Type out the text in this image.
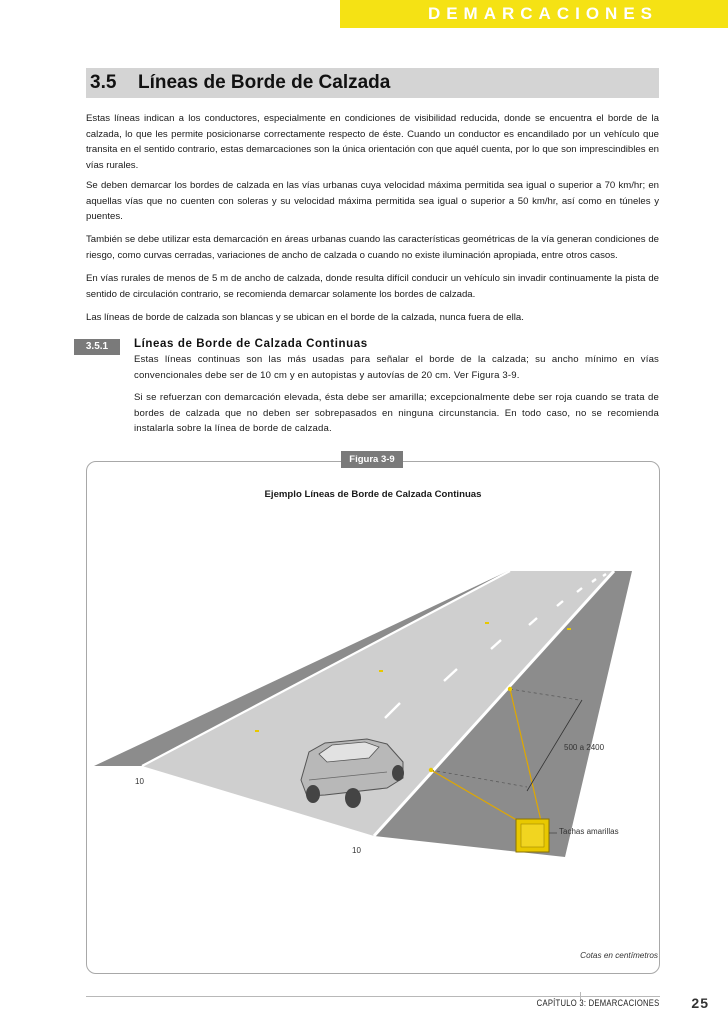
DEMARCACIONES
3.5 Líneas de Borde de Calzada

Estas líneas indican a los conductores, especialmente en condiciones de visibilidad reducida, donde se encuentra el borde de la calzada, lo que les permite posicionarse correctamente respecto de éste. Cuando un conductor es encandilado por un vehículo que transita en el sentido contrario, estas demarcaciones son la única orientación con que aquél cuenta, por lo que son imprescindibles en vías rurales.

Se deben demarcar los bordes de calzada en las vías urbanas cuya velocidad máxima permitida sea igual o superior a 70 km/hr; en aquellas vías que no cuenten con soleras y su velocidad máxima permitida sea igual o superior a 50 km/hr, así como en túneles y puentes.

También se debe utilizar esta demarcación en áreas urbanas cuando las características geométricas de la vía generan condiciones de riesgo, como curvas cerradas, variaciones de ancho de calzada o cuando no existe iluminación apropiada, entre otros casos.

En vías rurales de menos de 5 m de ancho de calzada, donde resulta difícil conducir un vehículo sin invadir continuamente la pista de sentido de circulación contrario, se recomienda demarcar solamente los bordes de calzada.

Las líneas de borde de calzada son blancas y se ubican en el borde de la calzada, nunca fuera de ella.

3.5.1	Líneas de Borde de Calzada Continuas

Estas líneas continuas son las más usadas para señalar el borde de la calzada; su ancho mínimo en vías convencionales debe ser de 10 cm y en autopistas y autovías de 20 cm. Ver Figura 3-9.

Si se refuerzan con demarcación elevada, ésta debe ser amarilla; excepcionalmente debe ser roja cuando se trata de bordes de calzada que no deben ser sobrepasados en ninguna circunstancia. En todo caso, no se recomienda instalarla sobre la línea de borde de calzada.

Figura 3-9
Ejemplo Líneas de Borde de Calzada Continuas
500 a 2400
10
10
Tachas amarillas
Cotas en centímetros
CAPÍTULO 3: DEMARCACIONES 25
